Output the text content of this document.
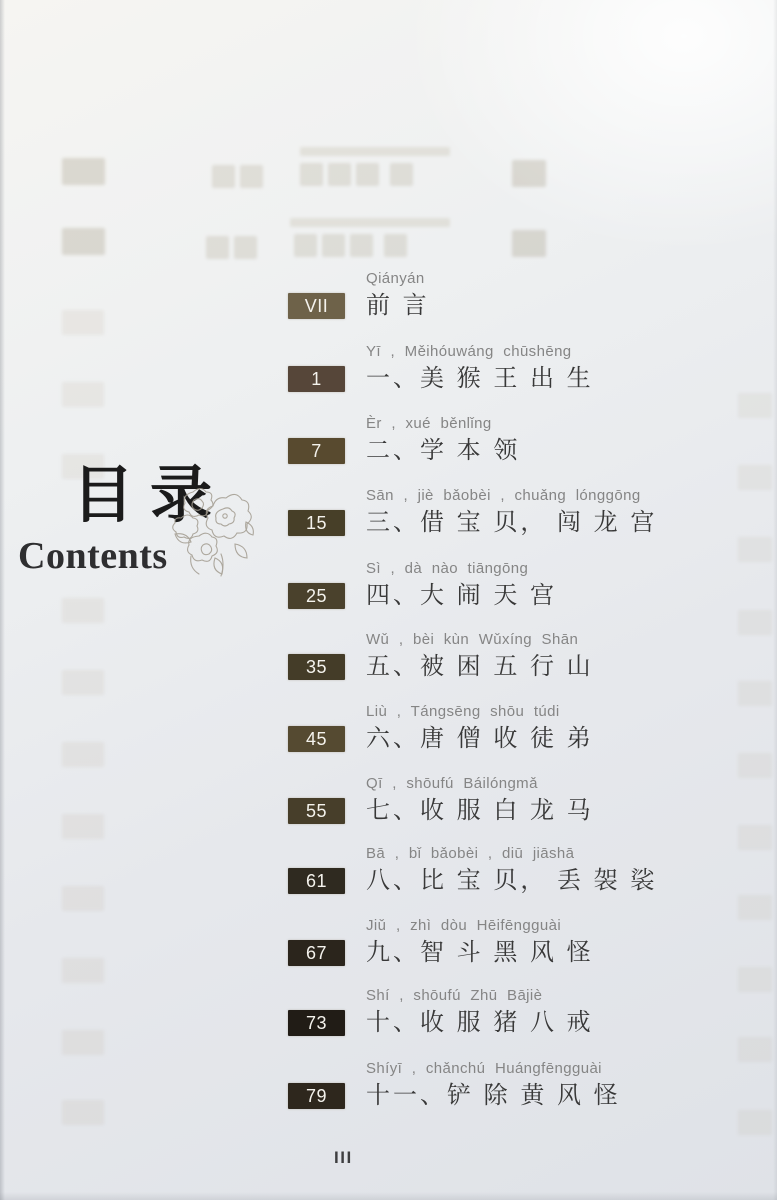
目录
Contents
Qiányán
VII	前 言
Yī , Měihóuwáng chūshēng
1	一、美 猴 王 出 生
Èr , xué běnlǐng
7	二、学 本 领
Sān , jiè bǎobèi , chuǎng lónggōng
15	三、借 宝 贝， 闯 龙 宫
Sì , dà nào tiāngōng
25	四、大 闹 天 宫
Wǔ , bèi kùn Wǔxíng Shān
35	五、被 困 五 行 山
Liù , Tángsēng shōu túdi
45	六、唐 僧 收 徒 弟
Qī , shōufú Báilóngmǎ
55	七、收 服 白 龙 马
Bā , bǐ bǎobèi , diū jiāshā
61	八、比 宝 贝， 丢 袈 裟
Jiǔ , zhì dòu Hēifēngguài
67	九、智 斗 黑 风 怪
Shí , shōufú Zhū Bājiè
73	十、收 服 猪 八 戒
Shíyī , chǎnchú Huángfēngguài
79	十一、铲 除 黄 风 怪
III
